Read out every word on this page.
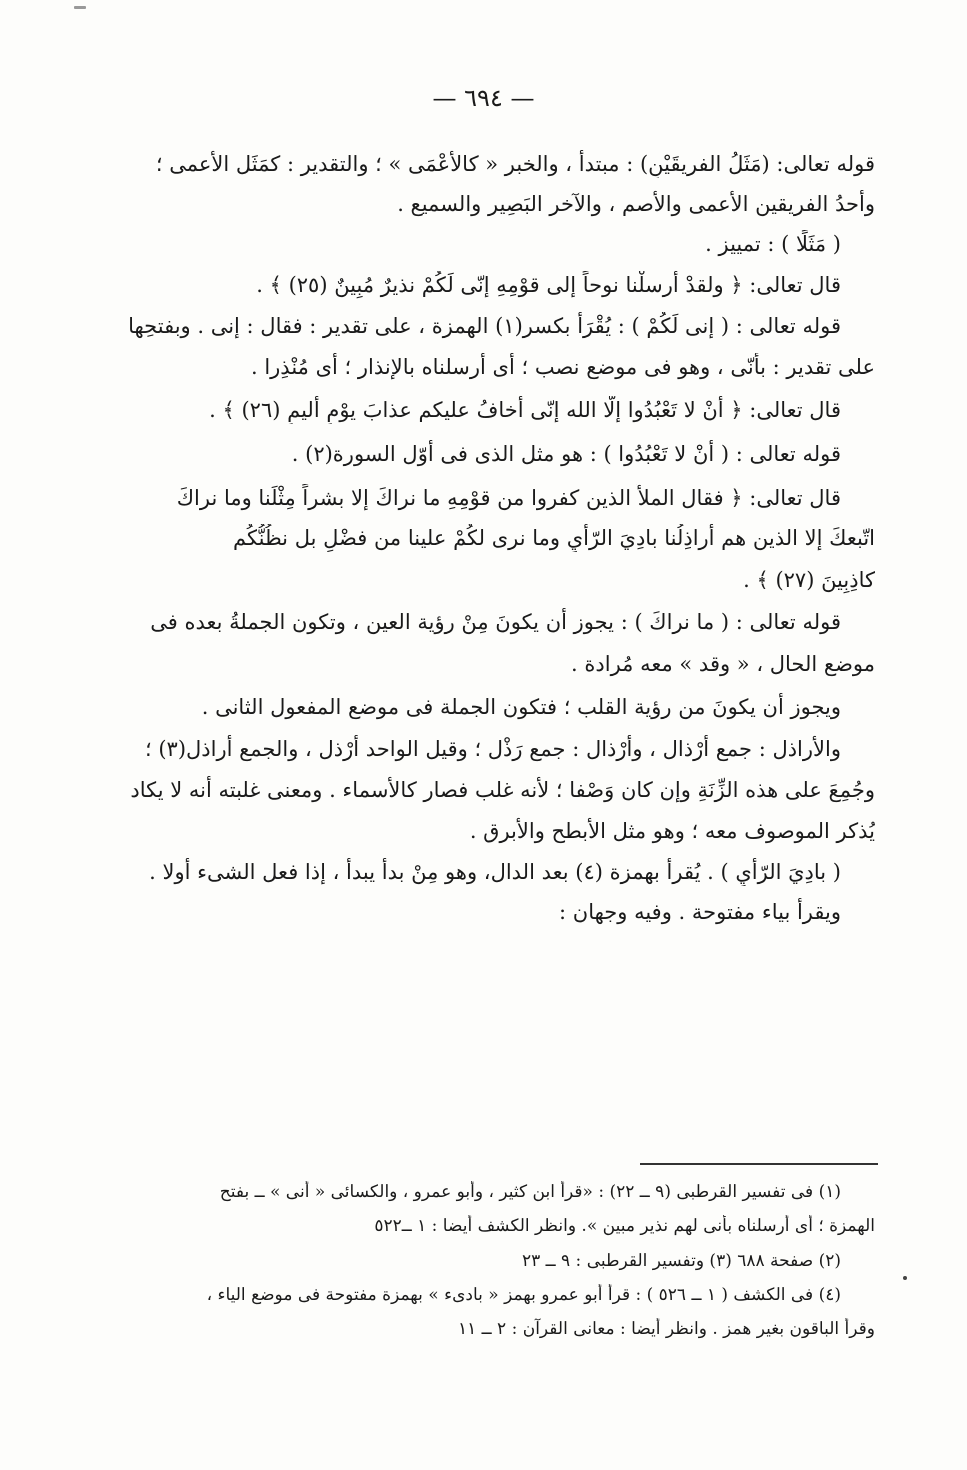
— ٦٩٤ —

قوله تعالى: (مَثَلُ الفريقَيْنِ) : مبتدأ ، والخبر « كالأعْمَى » ؛ والتقدير : كمَثَل الأعمى ؛

وأحدُ الفريقين الأعمى والأصم ، والآخر البَصِير والسميع .

( مَثَلًا ) : تمييز .

قال تعالى: ﴿ ولقدْ أرسلْنا نوحاً إلى قوْمِهِ إنّى لَكُمْ نذيرٌ مُبِينٌ (٢٥) ﴾ .

قوله تعالى : ( إنى لَكُمْ ) : يُقْرَأُ بكسر(١) الهمزة ، على تقدير : فقال : إنى . وبفتحِها

على تقدير : بأنّى ، وهو فى موضع نصب ؛ أى أرسلناه بالإنذار ؛ أى مُنْذِرا .

قال تعالى: ﴿ أنْ لا تَعْبُدُوا إلّا الله إنّى أخافُ عليكم عذابَ يوْمٍ أليمٍ (٢٦) ﴾ .

قوله تعالى : ( أنْ لا تَعْبُدُوا ) : هو مثل الذى فى أوّل السورة(٢) .

قال تعالى: ﴿ فقال الملأُ الذين كفروا من قوْمِهِ ما نراكَ إلا بشراً مِثْلَنا وما نراكَ

اتّبعكَ إلا الذين هم أراذِلُنا بادِيَ الرّأْيِ وما نرى لكُمْ علينا من فضْلٍ بل نظُنُّكُم

كاذِبِينَ (٢٧) ﴾ .

قوله تعالى : ( ما نراكَ ) : يجوز أن يكونَ مِنْ رؤية العين ، وتكون الجملةُ بعده فى

موضع الحال ، « وقد » معه مُرادة .

ويجوز أن يكونَ من رؤية القلب ؛ فتكون الجملة فى موضع المفعول الثانى .

والأراذل : جمع أرْذال ، وأرْذال : جمع رَذْل ؛ وقيل الواحد أرْذل ، والجمع أراذل(٣) ؛

وجُمِعَ على هذه الزِّنَةِ وإن كان وَصْفا ؛ لأنه غلب فصار كالأسماء . ومعنى غلبته أنه لا يكاد

يُذكر الموصوف معه ؛ وهو مثل الأبطح والأبرق .

( بادِيَ الرّأْيِ ) . يُقرأ بهمزة (٤) بعد الدال، وهو مِنْ بدأ يبدأ ، إذا فعل الشىء أولا .

ويقرأ بياء مفتوحة . وفيه وجهان :

(١) فى تفسير القرطبى (٩ ــ ٢٢) : «قرأ ابن كثير ، وأبو عمرو ، والكسائى « أنى » ــ بفتح

الهمزة ؛ أى أرسلناه بأنى لهم نذير مبين ». وانظر الكشف أيضا : ١ ــ٥٢٢

(٢) صفحة ٦٨٨ (٣) وتفسير القرطبى : ٩ ــ ٢٣

(٤) فى الكشف ( ١ ــ ٥٢٦ ) : قرأ أبو عمرو بهمز « بادىء » بهمزة مفتوحة فى موضع الياء ،

وقرأ الباقون بغير همز . وانظر أيضا : معانى القرآن : ٢ ــ ١١
